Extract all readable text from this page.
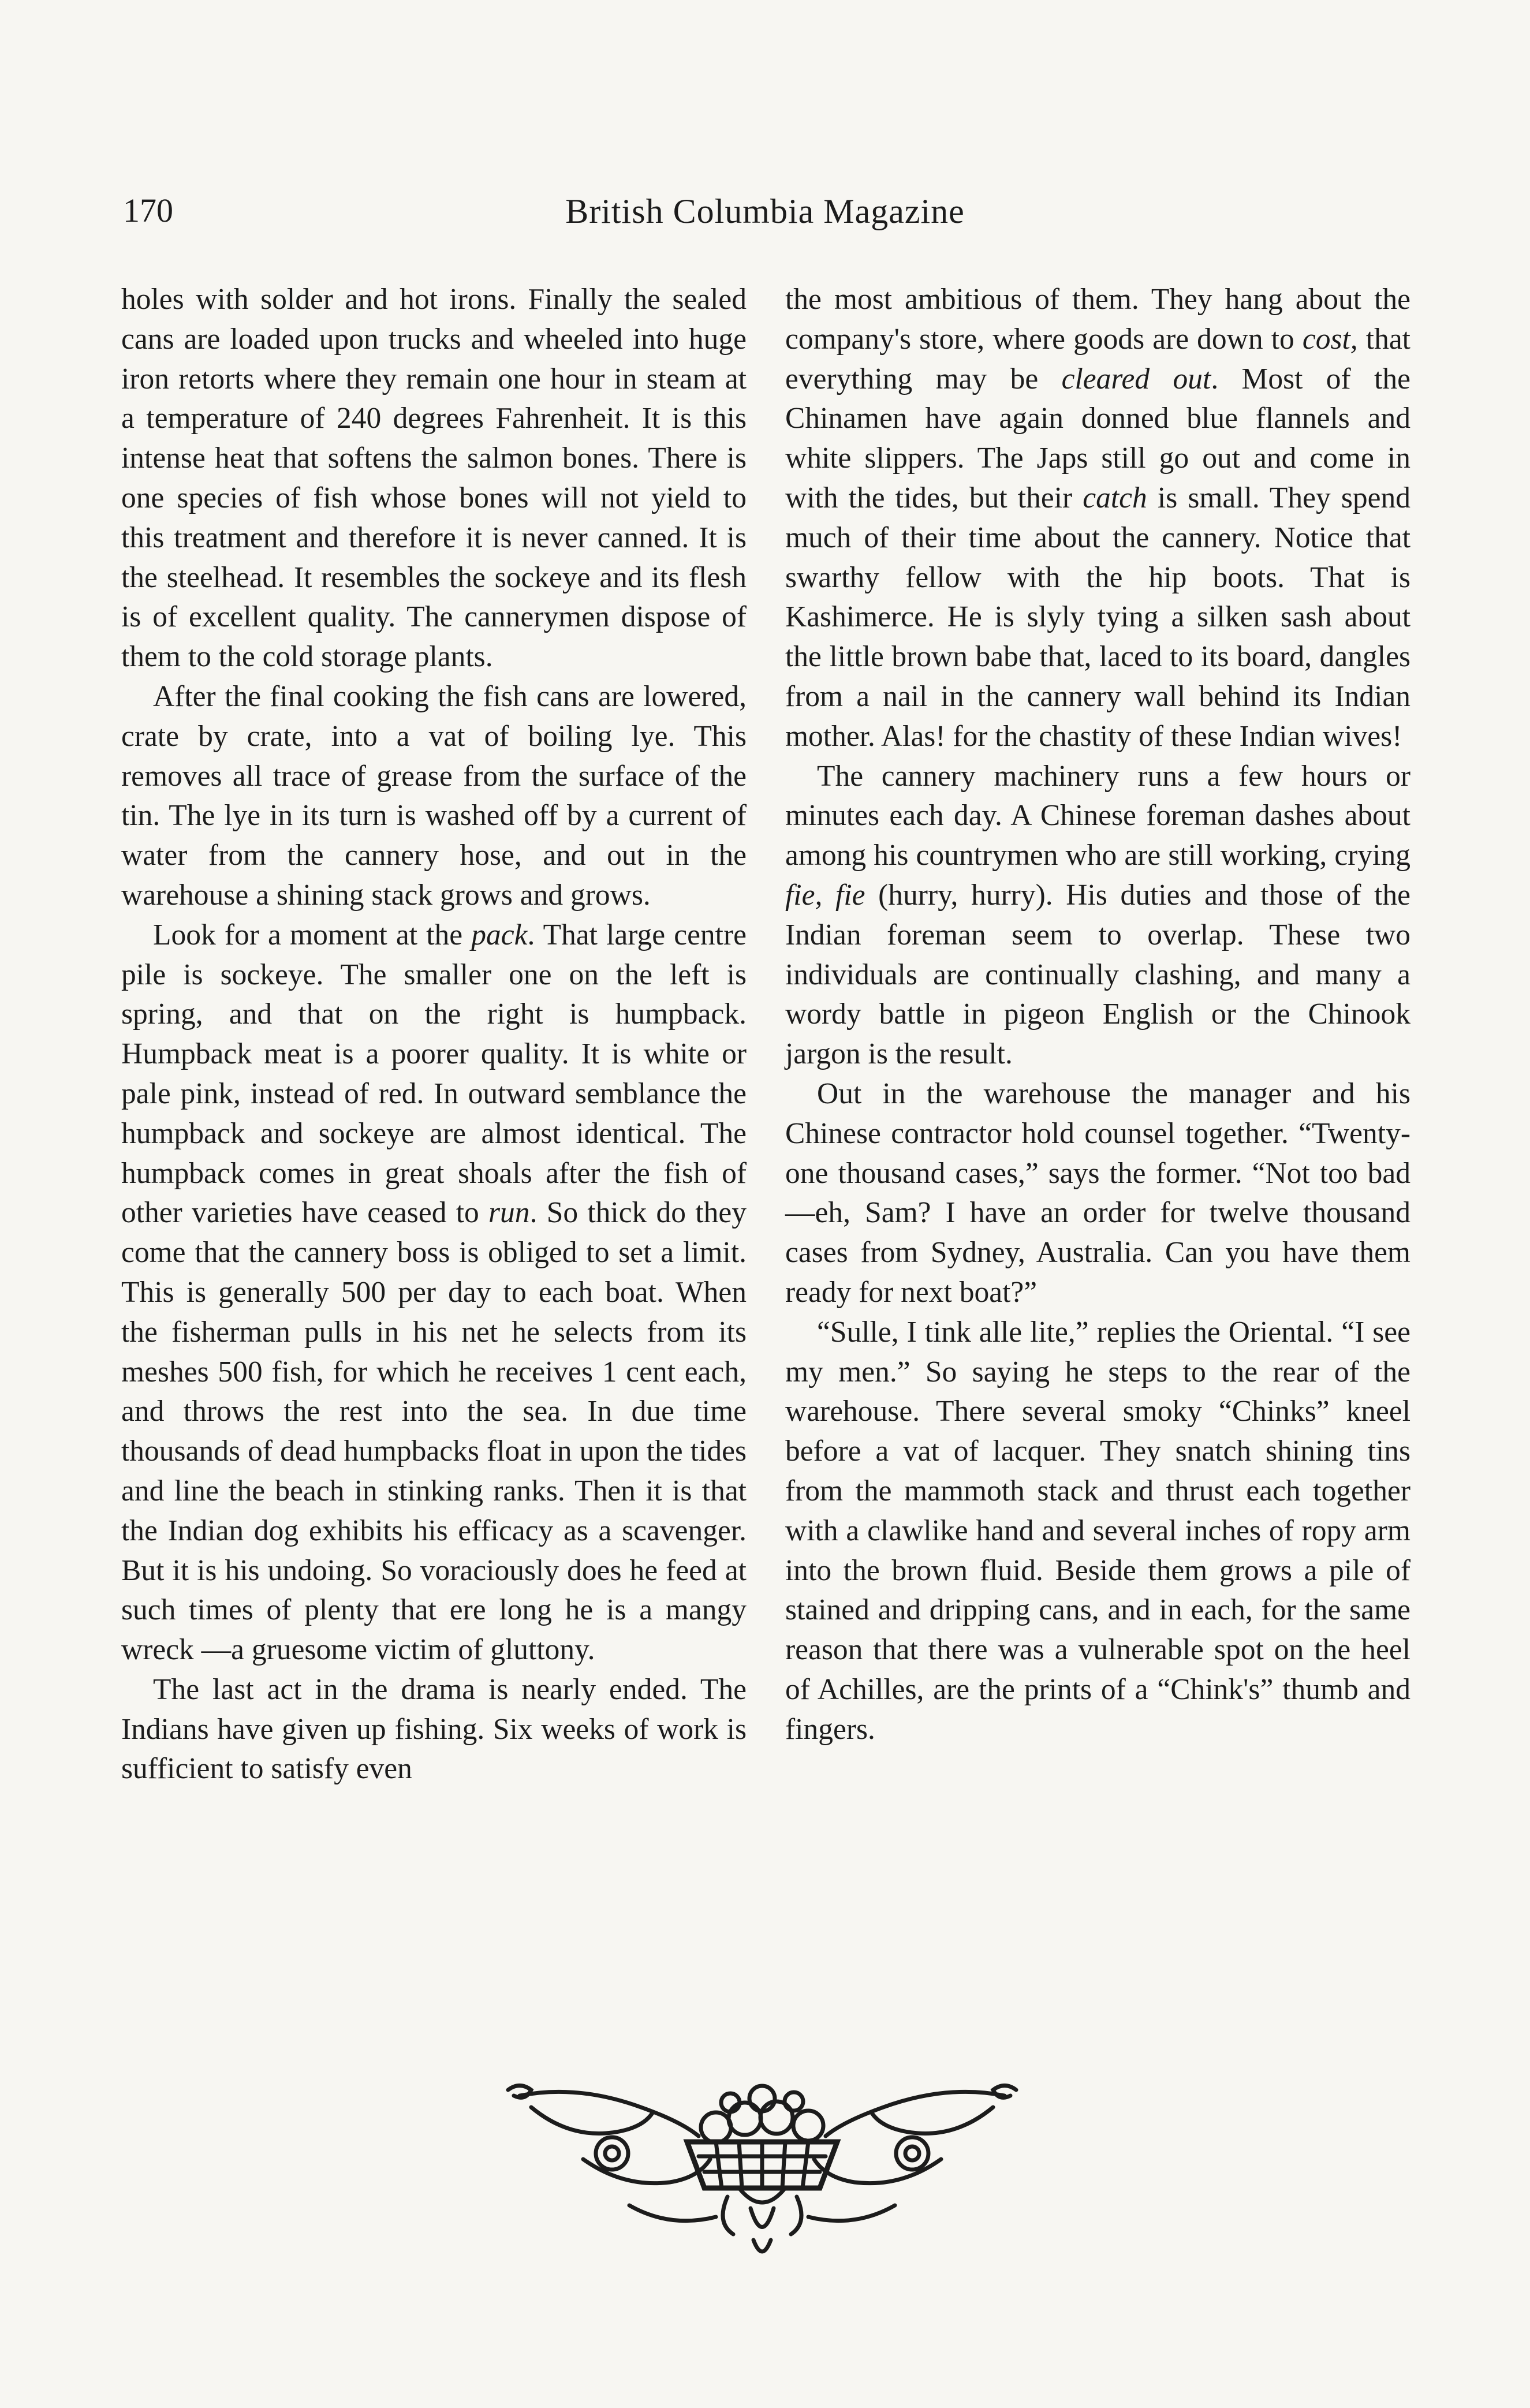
170	British Columbia Magazine

holes with solder and hot irons. Finally the sealed cans are loaded upon trucks and wheeled into huge iron retorts where they remain one hour in steam at a temperature of 240 degrees Fahrenheit. It is this intense heat that softens the salmon bones. There is one species of fish whose bones will not yield to this treatment and therefore it is never canned. It is the steelhead. It resembles the sockeye and its flesh is of excellent quality. The cannerymen dispose of them to the cold storage plants.

After the final cooking the fish cans are lowered, crate by crate, into a vat of boiling lye. This removes all trace of grease from the surface of the tin. The lye in its turn is washed off by a current of water from the cannery hose, and out in the warehouse a shining stack grows and grows.

Look for a moment at the pack. That large centre pile is sockeye. The smaller one on the left is spring, and that on the right is humpback. Humpback meat is a poorer quality. It is white or pale pink, instead of red. In outward semblance the humpback and sockeye are almost identical. The humpback comes in great shoals after the fish of other varieties have ceased to run. So thick do they come that the cannery boss is obliged to set a limit. This is generally 500 per day to each boat. When the fisherman pulls in his net he selects from its meshes 500 fish, for which he receives 1 cent each, and throws the rest into the sea. In due time thousands of dead humpbacks float in upon the tides and line the beach in stinking ranks. Then it is that the Indian dog exhibits his efficacy as a scavenger. But it is his undoing. So voraciously does he feed at such times of plenty that ere long he is a mangy wreck —a gruesome victim of gluttony.

The last act in the drama is nearly ended. The Indians have given up fishing. Six weeks of work is sufficient to satisfy even

the most ambitious of them. They hang about the company's store, where goods are down to cost, that everything may be cleared out. Most of the Chinamen have again donned blue flannels and white slippers. The Japs still go out and come in with the tides, but their catch is small. They spend much of their time about the cannery. Notice that swarthy fellow with the hip boots. That is Kashimerce. He is slyly tying a silken sash about the little brown babe that, laced to its board, dangles from a nail in the cannery wall behind its Indian mother. Alas! for the chastity of these Indian wives!

The cannery machinery runs a few hours or minutes each day. A Chinese foreman dashes about among his countrymen who are still working, crying fie, fie (hurry, hurry). His duties and those of the Indian foreman seem to overlap. These two individuals are continually clashing, and many a wordy battle in pigeon English or the Chinook jargon is the result.

Out in the warehouse the manager and his Chinese contractor hold counsel together. “Twenty-one thousand cases,” says the former. “Not too bad—eh, Sam? I have an order for twelve thousand cases from Sydney, Australia. Can you have them ready for next boat?”

“Sulle, I tink alle lite,” replies the Oriental. “I see my men.” So saying he steps to the rear of the warehouse. There several smoky “Chinks” kneel before a vat of lacquer. They snatch shining tins from the mammoth stack and thrust each together with a clawlike hand and several inches of ropy arm into the brown fluid. Beside them grows a pile of stained and dripping cans, and in each, for the same reason that there was a vulnerable spot on the heel of Achilles, are the prints of a “Chink's” thumb and fingers.
